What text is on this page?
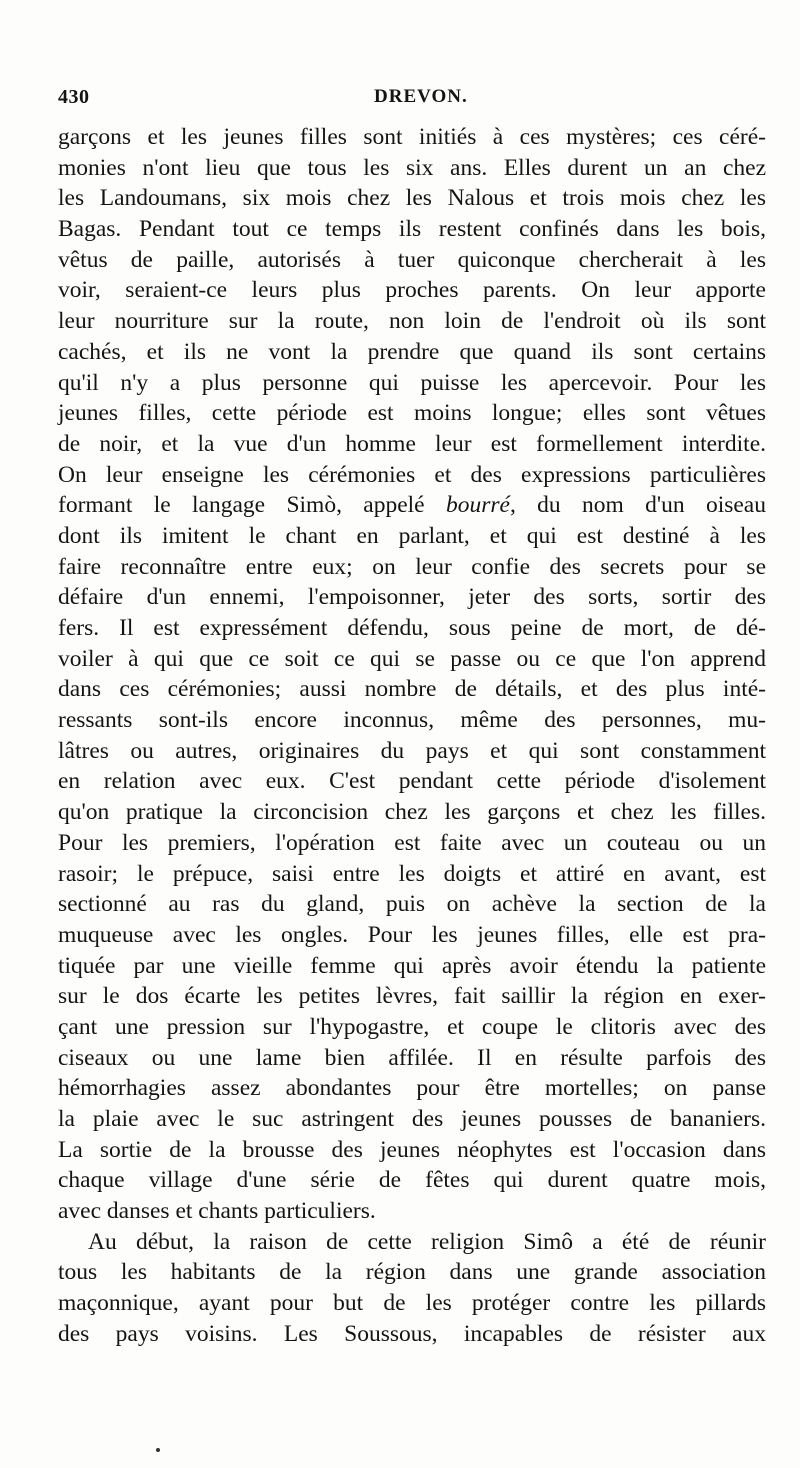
430	DREVON.
garçons et les jeunes filles sont initiés à ces mystères; ces céré-
monies n'ont lieu que tous les six ans. Elles durent un an chez
les Landoumans, six mois chez les Nalous et trois mois chez les
Bagas. Pendant tout ce temps ils restent confinés dans les bois,
vêtus de paille, autorisés à tuer quiconque chercherait à les
voir, seraient-ce leurs plus proches parents. On leur apporte
leur nourriture sur la route, non loin de l'endroit où ils sont
cachés, et ils ne vont la prendre que quand ils sont certains
qu'il n'y a plus personne qui puisse les apercevoir. Pour les
jeunes filles, cette période est moins longue; elles sont vêtues
de noir, et la vue d'un homme leur est formellement interdite.
On leur enseigne les cérémonies et des expressions particulières
formant le langage Simò, appelé bourré, du nom d'un oiseau
dont ils imitent le chant en parlant, et qui est destiné à les
faire reconnaître entre eux; on leur confie des secrets pour se
défaire d'un ennemi, l'empoisonner, jeter des sorts, sortir des
fers. Il est expressément défendu, sous peine de mort, de dé-
voiler à qui que ce soit ce qui se passe ou ce que l'on apprend
dans ces cérémonies; aussi nombre de détails, et des plus inté-
ressants sont-ils encore inconnus, même des personnes, mu-
lâtres ou autres, originaires du pays et qui sont constamment
en relation avec eux. C'est pendant cette période d'isolement
qu'on pratique la circoncision chez les garçons et chez les filles.
Pour les premiers, l'opération est faite avec un couteau ou un
rasoir; le prépuce, saisi entre les doigts et attiré en avant, est
sectionné au ras du gland, puis on achève la section de la
muqueuse avec les ongles. Pour les jeunes filles, elle est pra-
tiquée par une vieille femme qui après avoir étendu la patiente
sur le dos écarte les petites lèvres, fait saillir la région en exer-
çant une pression sur l'hypogastre, et coupe le clitoris avec des
ciseaux ou une lame bien affilée. Il en résulte parfois des
hémorrhagies assez abondantes pour être mortelles; on panse
la plaie avec le suc astringent des jeunes pousses de bananiers.
La sortie de la brousse des jeunes néophytes est l'occasion dans
chaque village d'une série de fêtes qui durent quatre mois,
avec danses et chants particuliers.
Au début, la raison de cette religion Simô a été de réunir
tous les habitants de la région dans une grande association
maçonnique, ayant pour but de les protéger contre les pillards
des pays voisins. Les Soussous, incapables de résister aux
